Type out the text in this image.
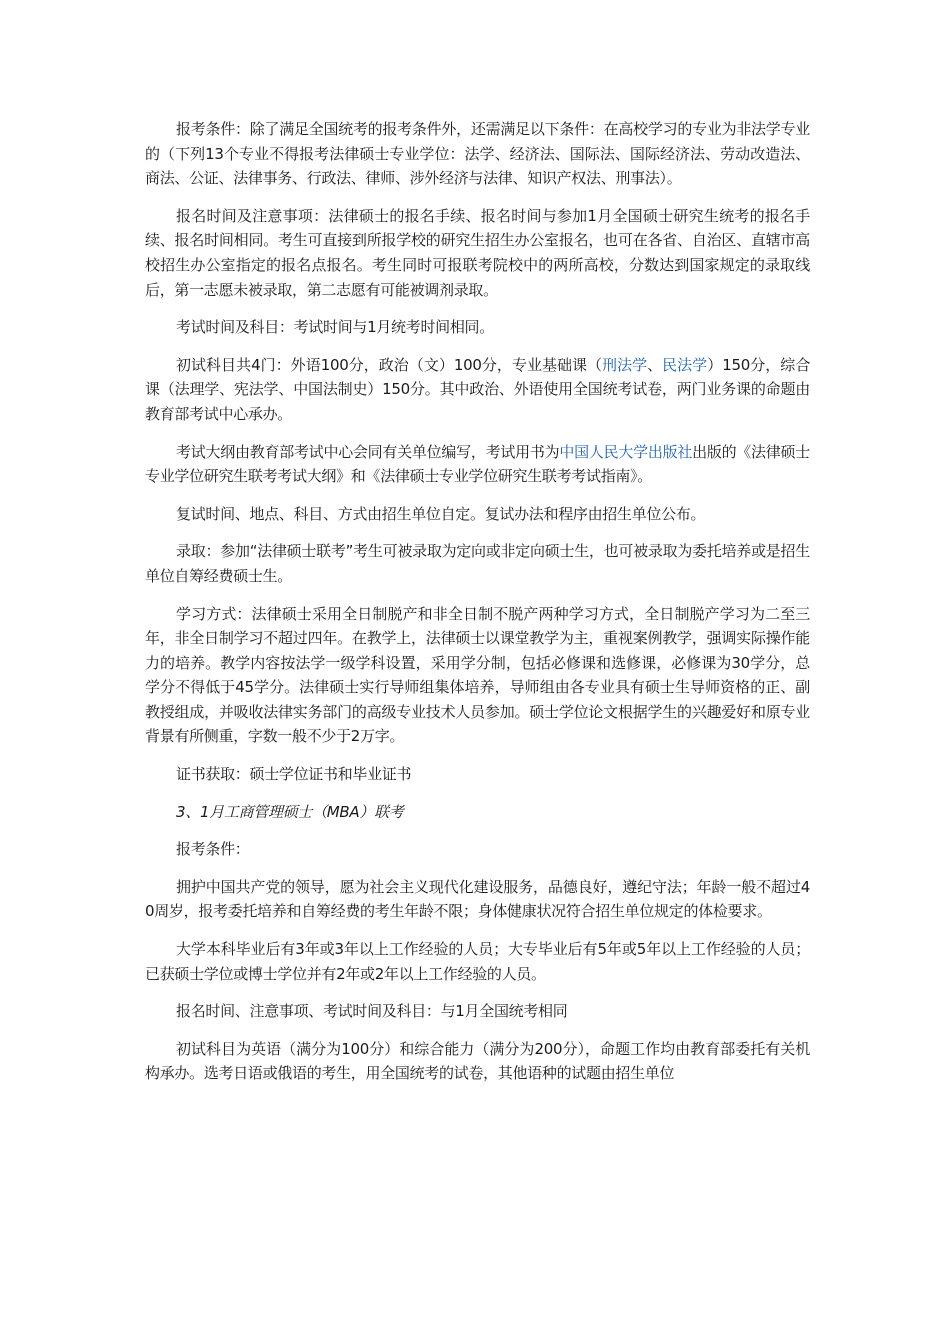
报考条件：除了满足全国统考的报考条件外，还需满足以下条件：在高校学习的专业为非法学专业的（下列13个专业不得报考法律硕士专业学位：法学、经济法、国际法、国际经济法、劳动改造法、商法、公证、法律事务、行政法、律师、涉外经济与法律、知识产权法、刑事法）。

报名时间及注意事项：法律硕士的报名手续、报名时间与参加1月全国硕士研究生统考的报名手续、报名时间相同。考生可直接到所报学校的研究生招生办公室报名，也可在各省、自治区、直辖市高校招生办公室指定的报名点报名。考生同时可报联考院校中的两所高校，分数达到国家规定的录取线后，第一志愿未被录取，第二志愿有可能被调剂录取。

考试时间及科目：考试时间与1月统考时间相同。

初试科目共4门：外语100分，政治（文）100分，专业基础课（刑法学、民法学）150分，综合课（法理学、宪法学、中国法制史）150分。其中政治、外语使用全国统考试卷，两门业务课的命题由教育部考试中心承办。

考试大纲由教育部考试中心会同有关单位编写，考试用书为中国人民大学出版社出版的《法律硕士专业学位研究生联考考试大纲》和《法律硕士专业学位研究生联考考试指南》。

复试时间、地点、科目、方式由招生单位自定。复试办法和程序由招生单位公布。

录取：参加“法律硕士联考”考生可被录取为定向或非定向硕士生，也可被录取为委托培养或是招生单位自筹经费硕士生。

学习方式：法律硕士采用全日制脱产和非全日制不脱产两种学习方式，全日制脱产学习为二至三年，非全日制学习不超过四年。在教学上，法律硕士以课堂教学为主，重视案例教学，强调实际操作能力的培养。教学内容按法学一级学科设置，采用学分制，包括必修课和选修课，必修课为30学分，总学分不得低于45学分。法律硕士实行导师组集体培养，导师组由各专业具有硕士生导师资格的正、副教授组成，并吸收法律实务部门的高级专业技术人员参加。硕士学位论文根据学生的兴趣爱好和原专业背景有所侧重，字数一般不少于2万字。

证书获取：硕士学位证书和毕业证书

3、1月工商管理硕士（MBA）联考

报考条件：

拥护中国共产党的领导，愿为社会主义现代化建设服务，品德良好，遵纪守法；年龄一般不超过40周岁，报考委托培养和自筹经费的考生年龄不限；身体健康状况符合招生单位规定的体检要求。

大学本科毕业后有3年或3年以上工作经验的人员；大专毕业后有5年或5年以上工作经验的人员；已获硕士学位或博士学位并有2年或2年以上工作经验的人员。

报名时间、注意事项、考试时间及科目：与1月全国统考相同

初试科目为英语（满分为100分）和综合能力（满分为200分），命题工作均由教育部委托有关机构承办。选考日语或俄语的考生，用全国统考的试卷，其他语种的试题由招生单位
